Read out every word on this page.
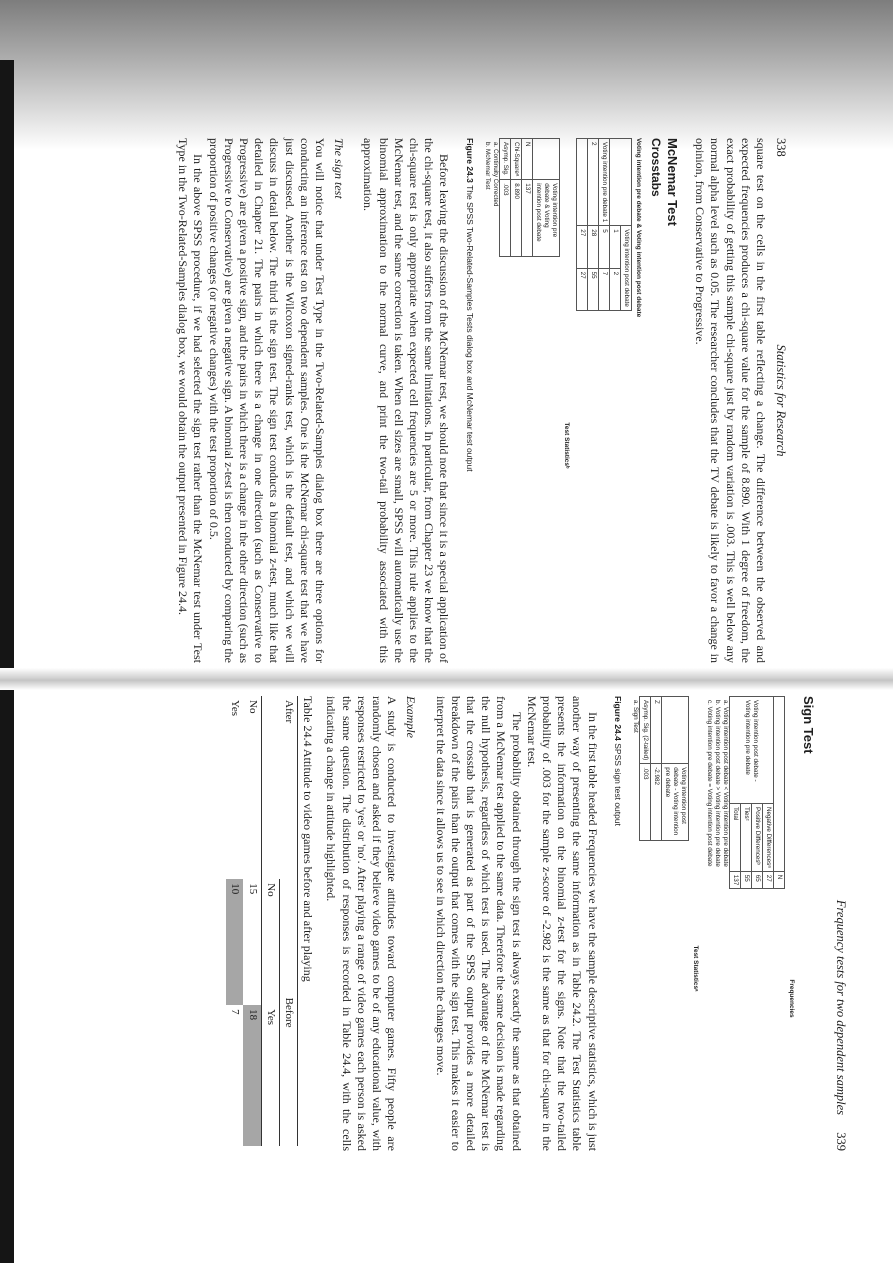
338
Statistics for Research

square test on the cells in the first table reflecting a change. The difference between the observed and expected frequencies produces a chi-square value for the sample of 8.890. With 1 degree of freedom, the exact probability of getting this sample chi-square just by random variation is .003. This is well below any normal alpha level such as 0.05. The researcher concludes that the TV debate is likely to favor a change in opinion, from Conservative to Progressive.

McNemar Test
Crosstabs
Voting intention pre debate & Voting intention post debate
	Voting intention post debate	
	1	2
Voting intention pre debate 1	5	7
2	28	55
	27	27
Test Statisticsᵇ
	Voting intention pre debate & Voting intention post debate
N	137
Chi-Squareᵃ	8.890
Asymp. Sig.	.003
a. Continuity Corrected
b. McNemar Test
Figure 24.3 The SPSS Two-Related-Samples Tests dialog box and McNemar test output

Before leaving the discussion of the McNemar test, we should note that since it is a special application of the chi-square test, it also suffers from the same limitations. In particular, from Chapter 23 we know that the chi-square test is only appropriate when expected cell frequencies are 5 or more. This rule applies to the McNemar test, and the same correction is taken. When cell sizes are small, SPSS will automatically use the binomial approximation to the normal curve, and print the two-tail probability associated with this approximation.

The sign test

You will notice that under Test Type in the Two-Related-Samples dialog box there are three options for conducting an inference test on two dependent samples. One is the McNemar chi-square test that we have just discussed. Another is the Wilcoxon signed-ranks test, which is the default test, and which we will discuss in detail below. The third is the sign test. The sign test conducts a binomial z-test, much like that detailed in Chapter 21. The pairs in which there is a change in one direction (such as Conservative to Progressive) are given a positive sign, and the pairs in which there is a change in the other direction (such as Progressive to Conservative) are given a negative sign. A binomial z-test is then conducted by comparing the proportion of positive changes (or negative changes) with the test proportion of 0.5.

In the above SPSS procedure, if we had selected the sign test rather than the McNemar test under Test Type in the Two-Related-Samples dialog box, we would obtain the output presented in Figure 24.4.

Frequency tests for two dependent samples
339
Sign Test
Frequencies
		N
Voting intention post debate - Voting intention pre debate	Negative Differencesᵃ	27
	Positive Differencesᵇ	65
	Tiesᶜ	55
	Total	137
a. Voting intention post debate < Voting intention pre debate
b. Voting intention post debate > Voting intention pre debate
c. Voting intention pre debate = Voting intention post debate
Test Statisticsᵃ
	Voting intention post debate - Voting intention pre debate
Z	-2.982
Asymp. Sig. (2-tailed)	.003
a. Sign Test
Figure 24.4 SPSS sign test output

In the first table headed Frequencies we have the sample descriptive statistics, which is just another way of presenting the same information as in Table 24.2. The Test Statistics table presents the information on the binomial z-test for the signs. Note that the two-tailed probability of .003 for the sample z-score of -2.982 is the same as that for chi-square in the McNemar test.

The probability obtained through the sign test is always exactly the same as that obtained from a McNemar test applied to the same data. Therefore the same decision is made regarding the null hypothesis, regardless of which test is used. The advantage of the McNemar test is that the crosstab that is generated as part of the SPSS output provides a more detailed breakdown of the pairs than the output that comes with the sign test. This makes it easier to interpret the data since it allows us to see in which direction the changes move.

Example

A study is conducted to investigate attitudes toward computer games. Fifty people are randomly chosen and asked if they believe video games to be of any educational value, with responses restricted to 'yes' or 'no'. After playing a range of video games each person is asked the same question. The distribution of responses is recorded in Table 24.4, with the cells indicating a change in attitude highlighted.

Table 24.4 Attitude to video games before and after playing
After	Before	
	No	Yes
No	15	18
Yes	10	7
